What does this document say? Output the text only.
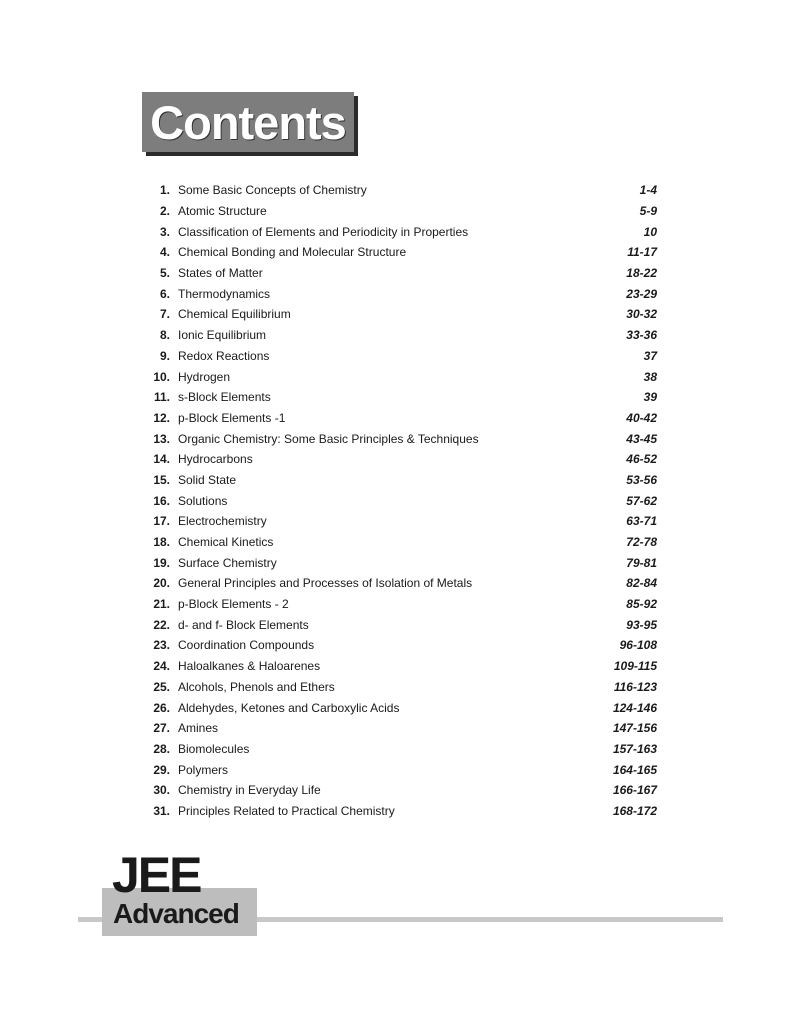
Contents
1. Some Basic Concepts of Chemistry	1-4
2. Atomic Structure	5-9
3. Classification of Elements and Periodicity in Properties	10
4. Chemical Bonding and Molecular Structure	11-17
5. States of Matter	18-22
6. Thermodynamics	23-29
7. Chemical Equilibrium	30-32
8. Ionic Equilibrium	33-36
9. Redox Reactions	37
10. Hydrogen	38
11. s-Block Elements	39
12. p-Block Elements -1	40-42
13. Organic Chemistry: Some Basic Principles & Techniques	43-45
14. Hydrocarbons	46-52
15. Solid State	53-56
16. Solutions	57-62
17. Electrochemistry	63-71
18. Chemical Kinetics	72-78
19. Surface Chemistry	79-81
20. General Principles and Processes of Isolation of Metals	82-84
21. p-Block Elements - 2	85-92
22. d- and f- Block Elements	93-95
23. Coordination Compounds	96-108
24. Haloalkanes & Haloarenes	109-115
25. Alcohols, Phenols and Ethers	116-123
26. Aldehydes, Ketones and Carboxylic Acids	124-146
27. Amines	147-156
28. Biomolecules	157-163
29. Polymers	164-165
30. Chemistry in Everyday Life	166-167
31. Principles Related to Practical Chemistry	168-172
JEE
Advanced
